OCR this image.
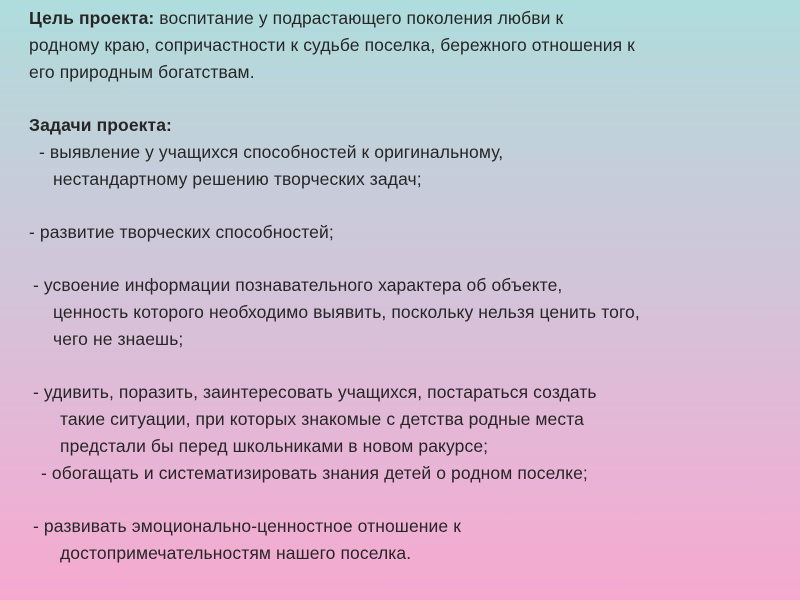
Цель проекта: воспитание у подрастающего поколения любви к
родному краю, сопричастности к судьбе поселка, бережного отношения к
его природным богатствам.
Задачи проекта:
- выявление у учащихся способностей к оригинальному,
нестандартному решению творческих задач;
- развитие творческих способностей;
- усвоение информации познавательного характера об объекте,
ценность которого необходимо выявить, поскольку нельзя ценить того,
чего не знаешь;
- удивить, поразить, заинтересовать учащихся, постараться создать
такие ситуации, при которых знакомые с детства родные места
предстали бы перед школьниками в новом ракурсе;
- обогащать и систематизировать знания детей о родном поселке;
- развивать эмоционально-ценностное отношение к
достопримечательностям нашего поселка.
